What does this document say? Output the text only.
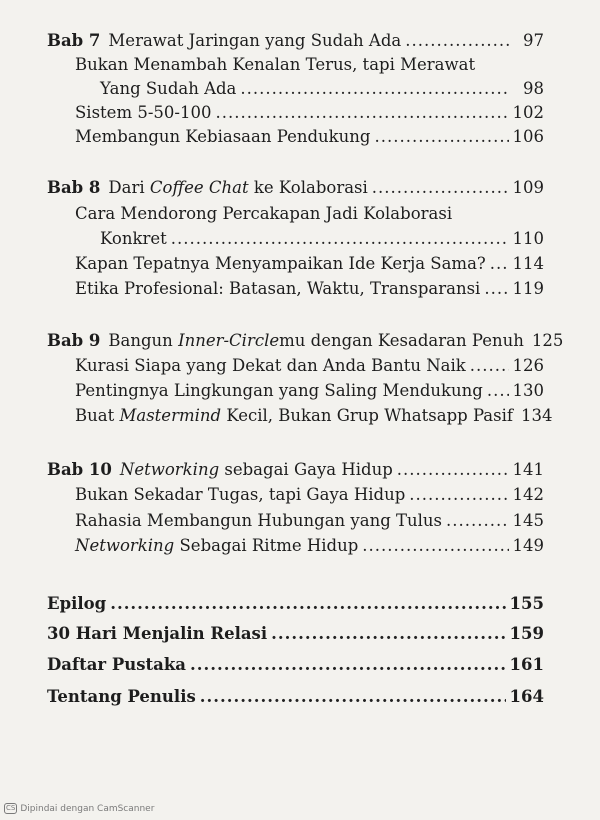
Bab 7 Merawat Jaringan yang Sudah Ada .....	97
Bukan Menambah Kenalan Terus, tapi Merawat
Yang Sudah Ada .....	98
Sistem 5-50-100 .....	102
Membangun Kebiasaan Pendukung .....	106
Bab 8 Dari Coffee Chat ke Kolaborasi .....	109
Cara Mendorong Percakapan Jadi Kolaborasi
Konkret .....	110
Kapan Tepatnya Menyampaikan Ide Kerja Sama? ..... 114
Etika Profesional: Batasan, Waktu, Transparansi ..... 119
Bab 9 Bangun Inner-Circle mu dengan Kesadaran Penuh 125
Kurasi Siapa yang Dekat dan Anda Bantu Naik .....	126
Pentingnya Lingkungan yang Saling Mendukung ..... 130
Buat Mastermind Kecil, Bukan Grup Whatsapp Pasif 134
Bab 10 Networking sebagai Gaya Hidup .....	141
Bukan Sekadar Tugas, tapi Gaya Hidup .....	142
Rahasia Membangun Hubungan yang Tulus .....	145
Networking Sebagai Ritme Hidup .....	149
Epilog .....	155
30 Hari Menjalin Relasi .....	159
Daftar Pustaka .....	161
Tentang Penulis .....	164
CS Dipindai dengan CamScanner
